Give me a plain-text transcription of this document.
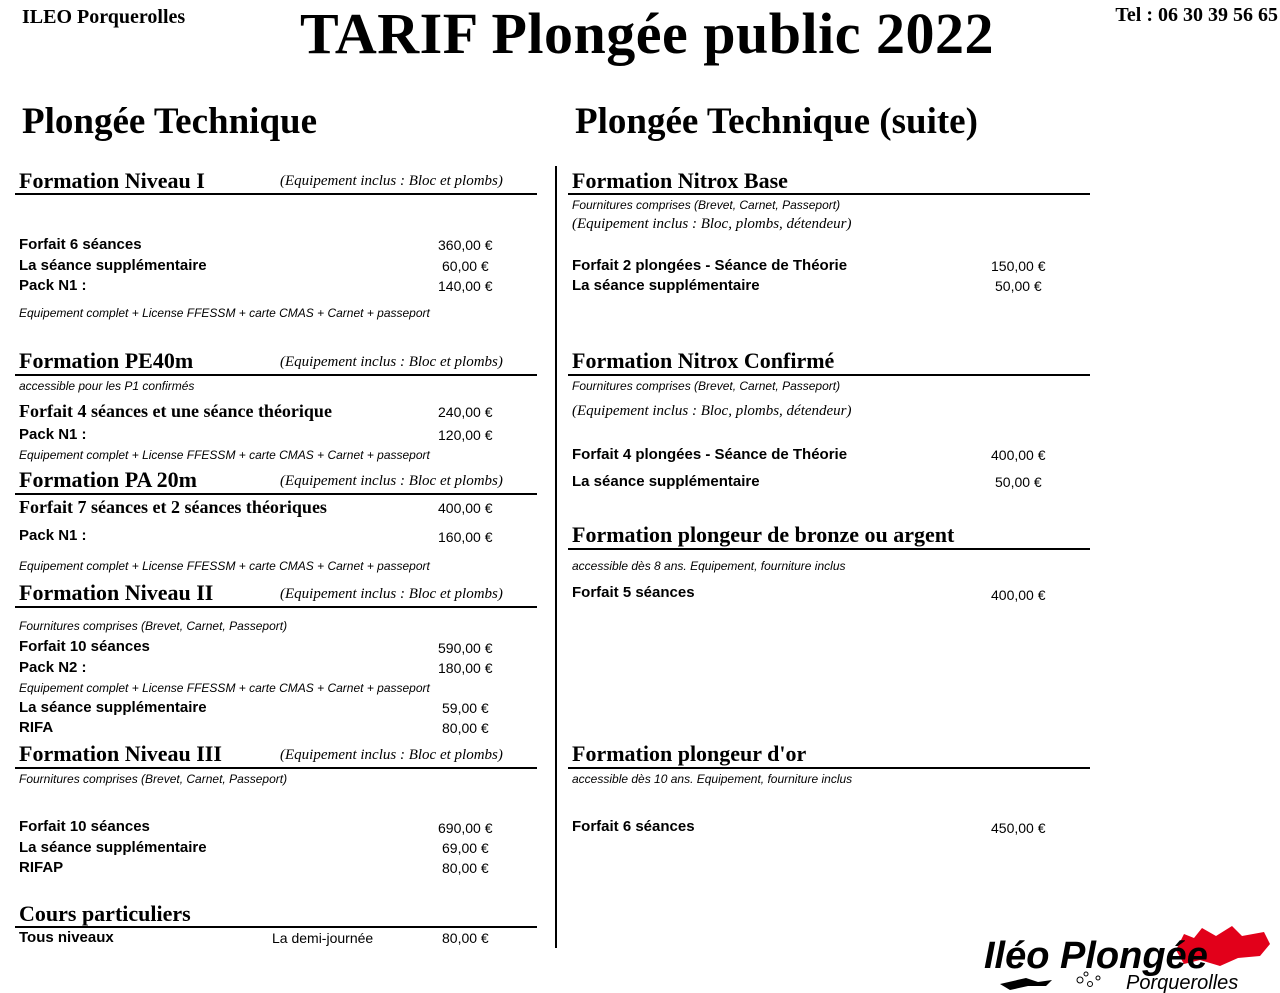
ILEO Porquerolles TARIF Plongée public 2022	Tel : 06 30 39 56 65
Plongée Technique	Plongée Technique (suite)
Formation Niveau I	(Equipement inclus : Bloc et plombs)
Forfait 6 séances	360,00 €
La séance supplémentaire	60,00 €
Pack N1 :	140,00 €
Equipement complet + License FFESSM + carte CMAS + Carnet + passeport
Formation PE40m	(Equipement inclus : Bloc et plombs)
accessible pour les P1 confirmés
Forfait 4 séances et une séance théorique	240,00 €
Pack N1 :	120,00 €
Equipement complet + License FFESSM + carte CMAS + Carnet + passeport
Formation PA 20m	(Equipement inclus : Bloc et plombs)
Forfait 7 séances et 2 séances théoriques	400,00 €
Pack N1 :	160,00 €
Equipement complet + License FFESSM + carte CMAS + Carnet + passeport
Formation Niveau II	(Equipement inclus : Bloc et plombs)
Fournitures comprises (Brevet, Carnet, Passeport)
Forfait 10 séances	590,00 €
Pack N2 :	180,00 €
Equipement complet + License FFESSM + carte CMAS + Carnet + passeport
La séance supplémentaire	59,00 €
RIFA	80,00 €
Formation Niveau III	(Equipement inclus : Bloc et plombs)
Fournitures comprises (Brevet, Carnet, Passeport)
Forfait 10 séances	690,00 €
La séance supplémentaire	69,00 €
RIFAP	80,00 €
Cours particuliers
Tous niveaux	La demi-journée	80,00 €
Formation Nitrox Base
Fournitures comprises (Brevet, Carnet, Passeport)
(Equipement inclus : Bloc, plombs, détendeur)
Forfait 2 plongées - Séance de Théorie	150,00 €
La séance supplémentaire	50,00 €
Formation Nitrox Confirmé
Fournitures comprises (Brevet, Carnet, Passeport)
(Equipement inclus : Bloc, plombs, détendeur)
Forfait 4 plongées - Séance de Théorie	400,00 €
La séance supplémentaire	50,00 €
Formation plongeur de bronze ou argent
accessible dès 8 ans. Equipement, fourniture inclus
Forfait 5 séances	400,00 €
Formation plongeur d'or
accessible dès 10 ans. Equipement, fourniture inclus
Forfait 6 séances	450,00 €
Iléo Plongée
Porquerolles
